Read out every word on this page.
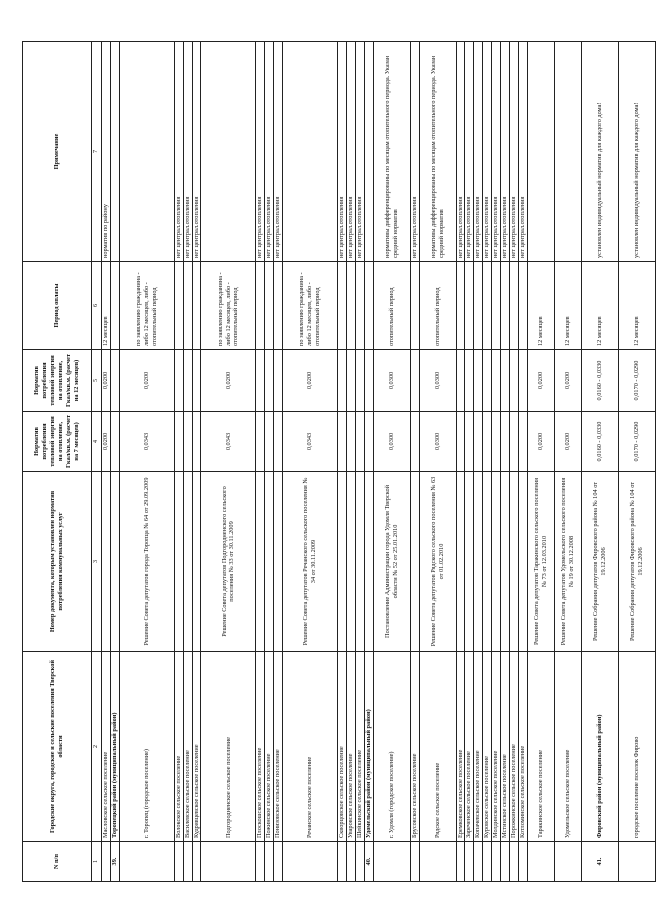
N п/п	Городские округа, городские и сельские поселения Тверской области	Номер документа, которым установлен норматив потребления коммунальных услуг	Норматив потребления тепловой энергии на отопление, Гкал/кв.м. (расчет на 7 месяцев)	Норматив потребления тепловой энергии на отопление, Гкал/кв.м. (расчет на 12 месяцев)	Период оплаты	Примечание
1	2	3	4	5	6	7
	Масловское сельское поселение		0,0200	0,0200	12 месяцев	норматив по району
39.	Торопецкий район (муниципальный район)					
	г. Торопец (городское поселение)	Решение Совета депутатов города Торопца № 64 от 29.09.2009	0,0343	0,0200	по заявлению гражданина - либо 12 месяцев, либо - отопительный период	
	Волокское сельское поселение					нет централ.отопления
	Василевское сельское поселение					нет централ.отопления
	Кудрявцевское сельское поселение					нет централ.отопления
	Подгородненское сельское поселение	Решение Совета депутатов Подгородненского сельского поселения № 33 от 30.11.2009	0,0343	0,0200	по заявлению гражданина - либо 12 месяцев, либо - отопительный период	
	Плоскошское сельское поселение					нет централ.отопления
	Пожинское сельское поселение					нет централ.отопления
	Понизовское сельское поселение					нет централ.отопления
	Речанское сельское поселение	Решение Совета депутатов Речанского сельского поселения № 34 от 30.11.2009	0,0343	0,0200	по заявлению гражданина - либо 12 месяцев, либо - отопительный период	
	Скворцовское сельское поселение					нет централ.отопления
	Уваровское сельское поселение					нет централ.отопления
	Шейкинское сельское поселение					нет централ.отопления
40.	Удомельский район (муниципальный район)					
	г. Удомля (городское поселение)	Постановление Администрации города Удомля Тверской области № 52 от 25.01.2010	0,0300	0,0300	отопительный период	нормативы дифференцированы по месяцам отопительного периода. Указан средний норматив
	Брусовское сельское поселение					нет централ.отопления
	Рядское сельское поселение	Решение Совета депутатов Рядского сельского поселения № 63 от 01.02.2010	0,0300	0,0300	отопительный период	нормативы дифференцированы по месяцам отопительного периода. Указан средний норматив
	Еремковское сельское поселение					нет централ.отопления
	Зареченское сельское поселение					нет централ.отопления
	Копачевское сельское поселение					нет централ.отопления
	Куровское сельское поселение					нет централ.отопления
	Молдинское сельское поселение					нет централ.отопления
	Мстинское сельское поселение					нет централ.отопления
	Порожкинское сельское поселение					нет централ.отопления
	Котломинское сельское поселение					нет централ.отопления
	Таракинское сельское поселение	Решение Совета депутатов Таракинского сельского поселения № 73 от 12.03.2010	0,0200	0,0200	12 месяцев	
	Удомельское сельское поселение	Решение Совета депутатов Удомельского сельского поселения № 19 от 30.12.2008	0,0200	0,0200	12 месяцев	
41.	Фировский район (муниципальный район)	Решение Собрания депутатов Фировского района № 104 от 19.12.2006	0,0160 - 0,0330	0,0160 - 0,0330	12 месяцев	установлен индивидуальный норматив для каждого дома!
	городское поселение поселок Фирово	Решение Собрания депутатов Фировского района № 104 от 19.12.2006	0,0170 - 0,0290	0,0170 - 0,0290	12 месяцев	установлен индивидуальный норматив для каждого дома!
